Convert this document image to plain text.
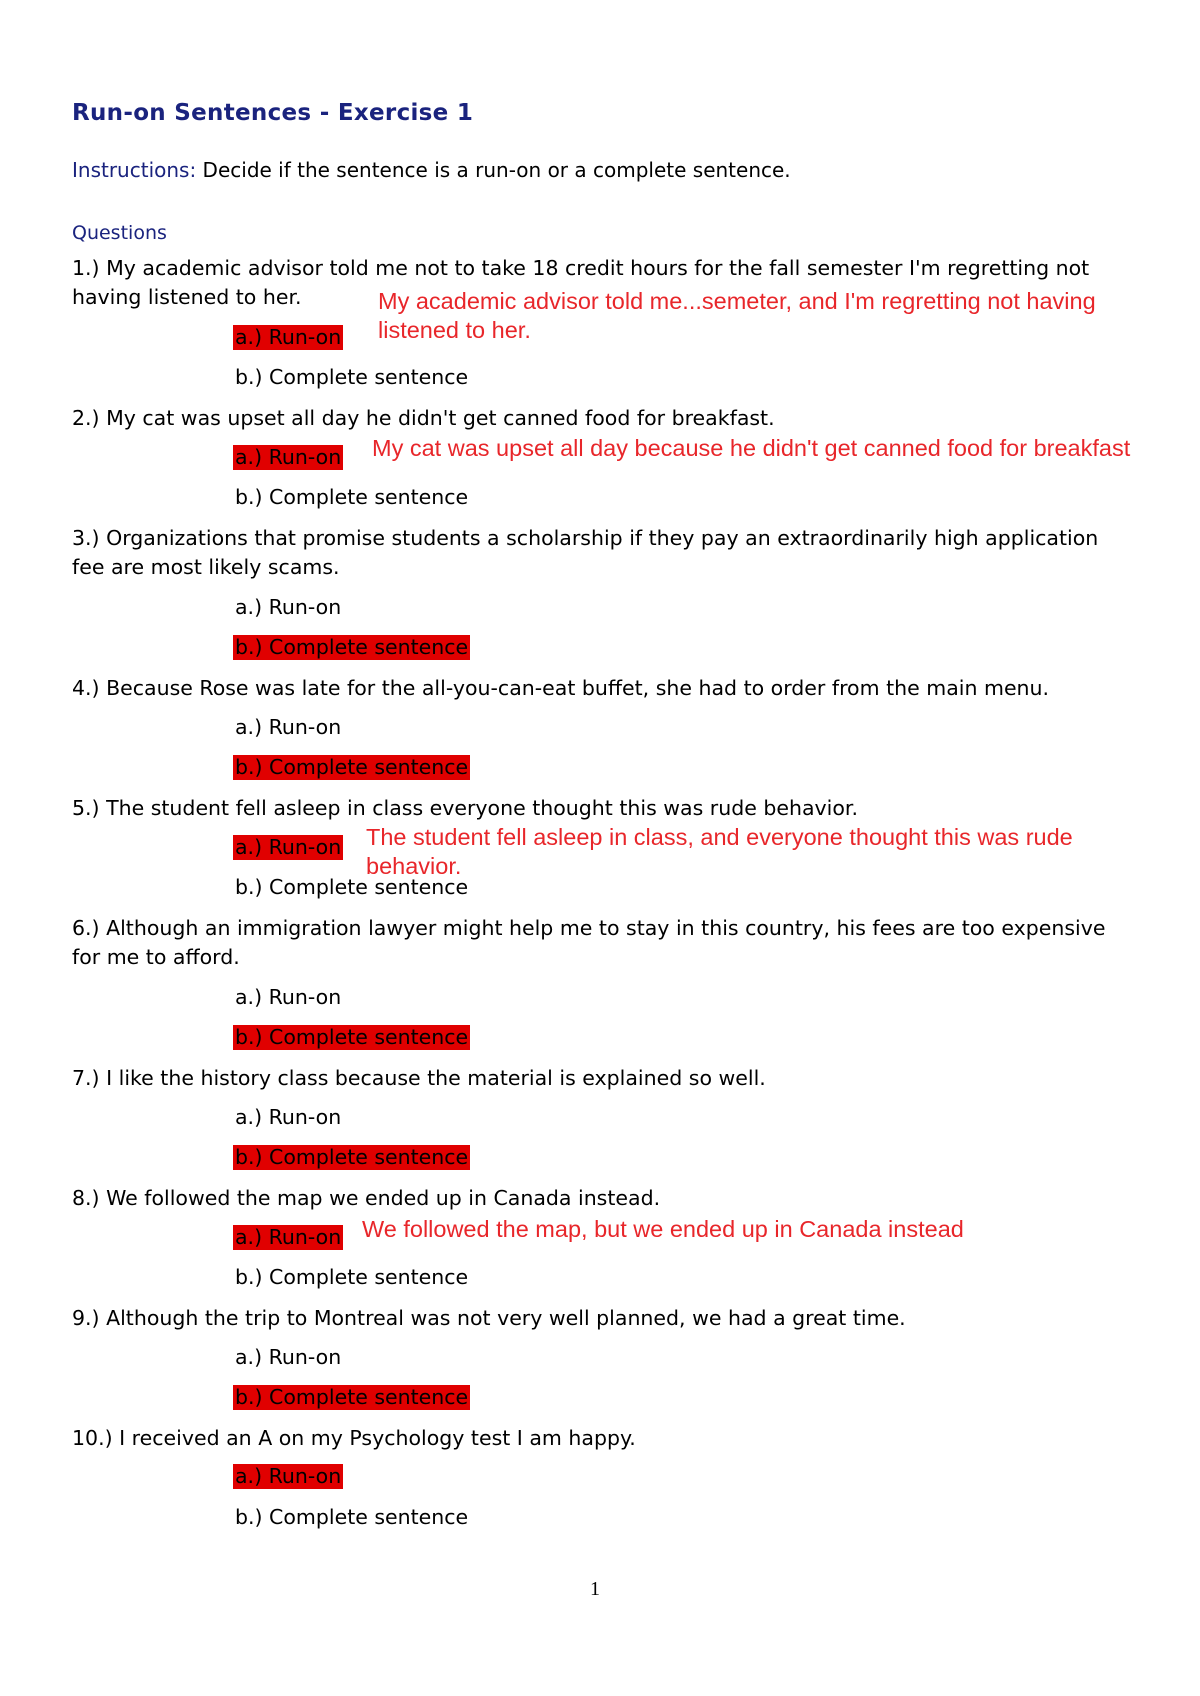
Run-on Sentences - Exercise 1
Instructions: Decide if the sentence is a run-on or a complete sentence.
Questions
1.) My academic advisor told me not to take 18 credit hours for the fall semester I'm regretting not having listened to her.
a.) Run-on
b.) Complete sentence
My academic advisor told me...semeter, and I'm regretting not having listened to her.
2.) My cat was upset all day he didn't get canned food for breakfast.
a.) Run-on
b.) Complete sentence
My cat was upset all day because he didn't get canned food for breakfast
3.) Organizations that promise students a scholarship if they pay an extraordinarily high application fee are most likely scams.
a.) Run-on
b.) Complete sentence
4.) Because Rose was late for the all-you-can-eat buffet, she had to order from the main menu.
a.) Run-on
b.) Complete sentence
5.) The student fell asleep in class everyone thought this was rude behavior.
a.) Run-on
b.) Complete sentence
The student fell asleep in class, and everyone thought this was rude behavior.
6.) Although an immigration lawyer might help me to stay in this country, his fees are too expensive for me to afford.
a.) Run-on
b.) Complete sentence
7.) I like the history class because the material is explained so well.
a.) Run-on
b.) Complete sentence
8.) We followed the map we ended up in Canada instead.
a.) Run-on
b.) Complete sentence
We followed the map, but we ended up in Canada instead
9.) Although the trip to Montreal was not very well planned, we had a great time.
a.) Run-on
b.) Complete sentence
10.) I received an A on my Psychology test I am happy.
a.) Run-on
b.) Complete sentence
1
